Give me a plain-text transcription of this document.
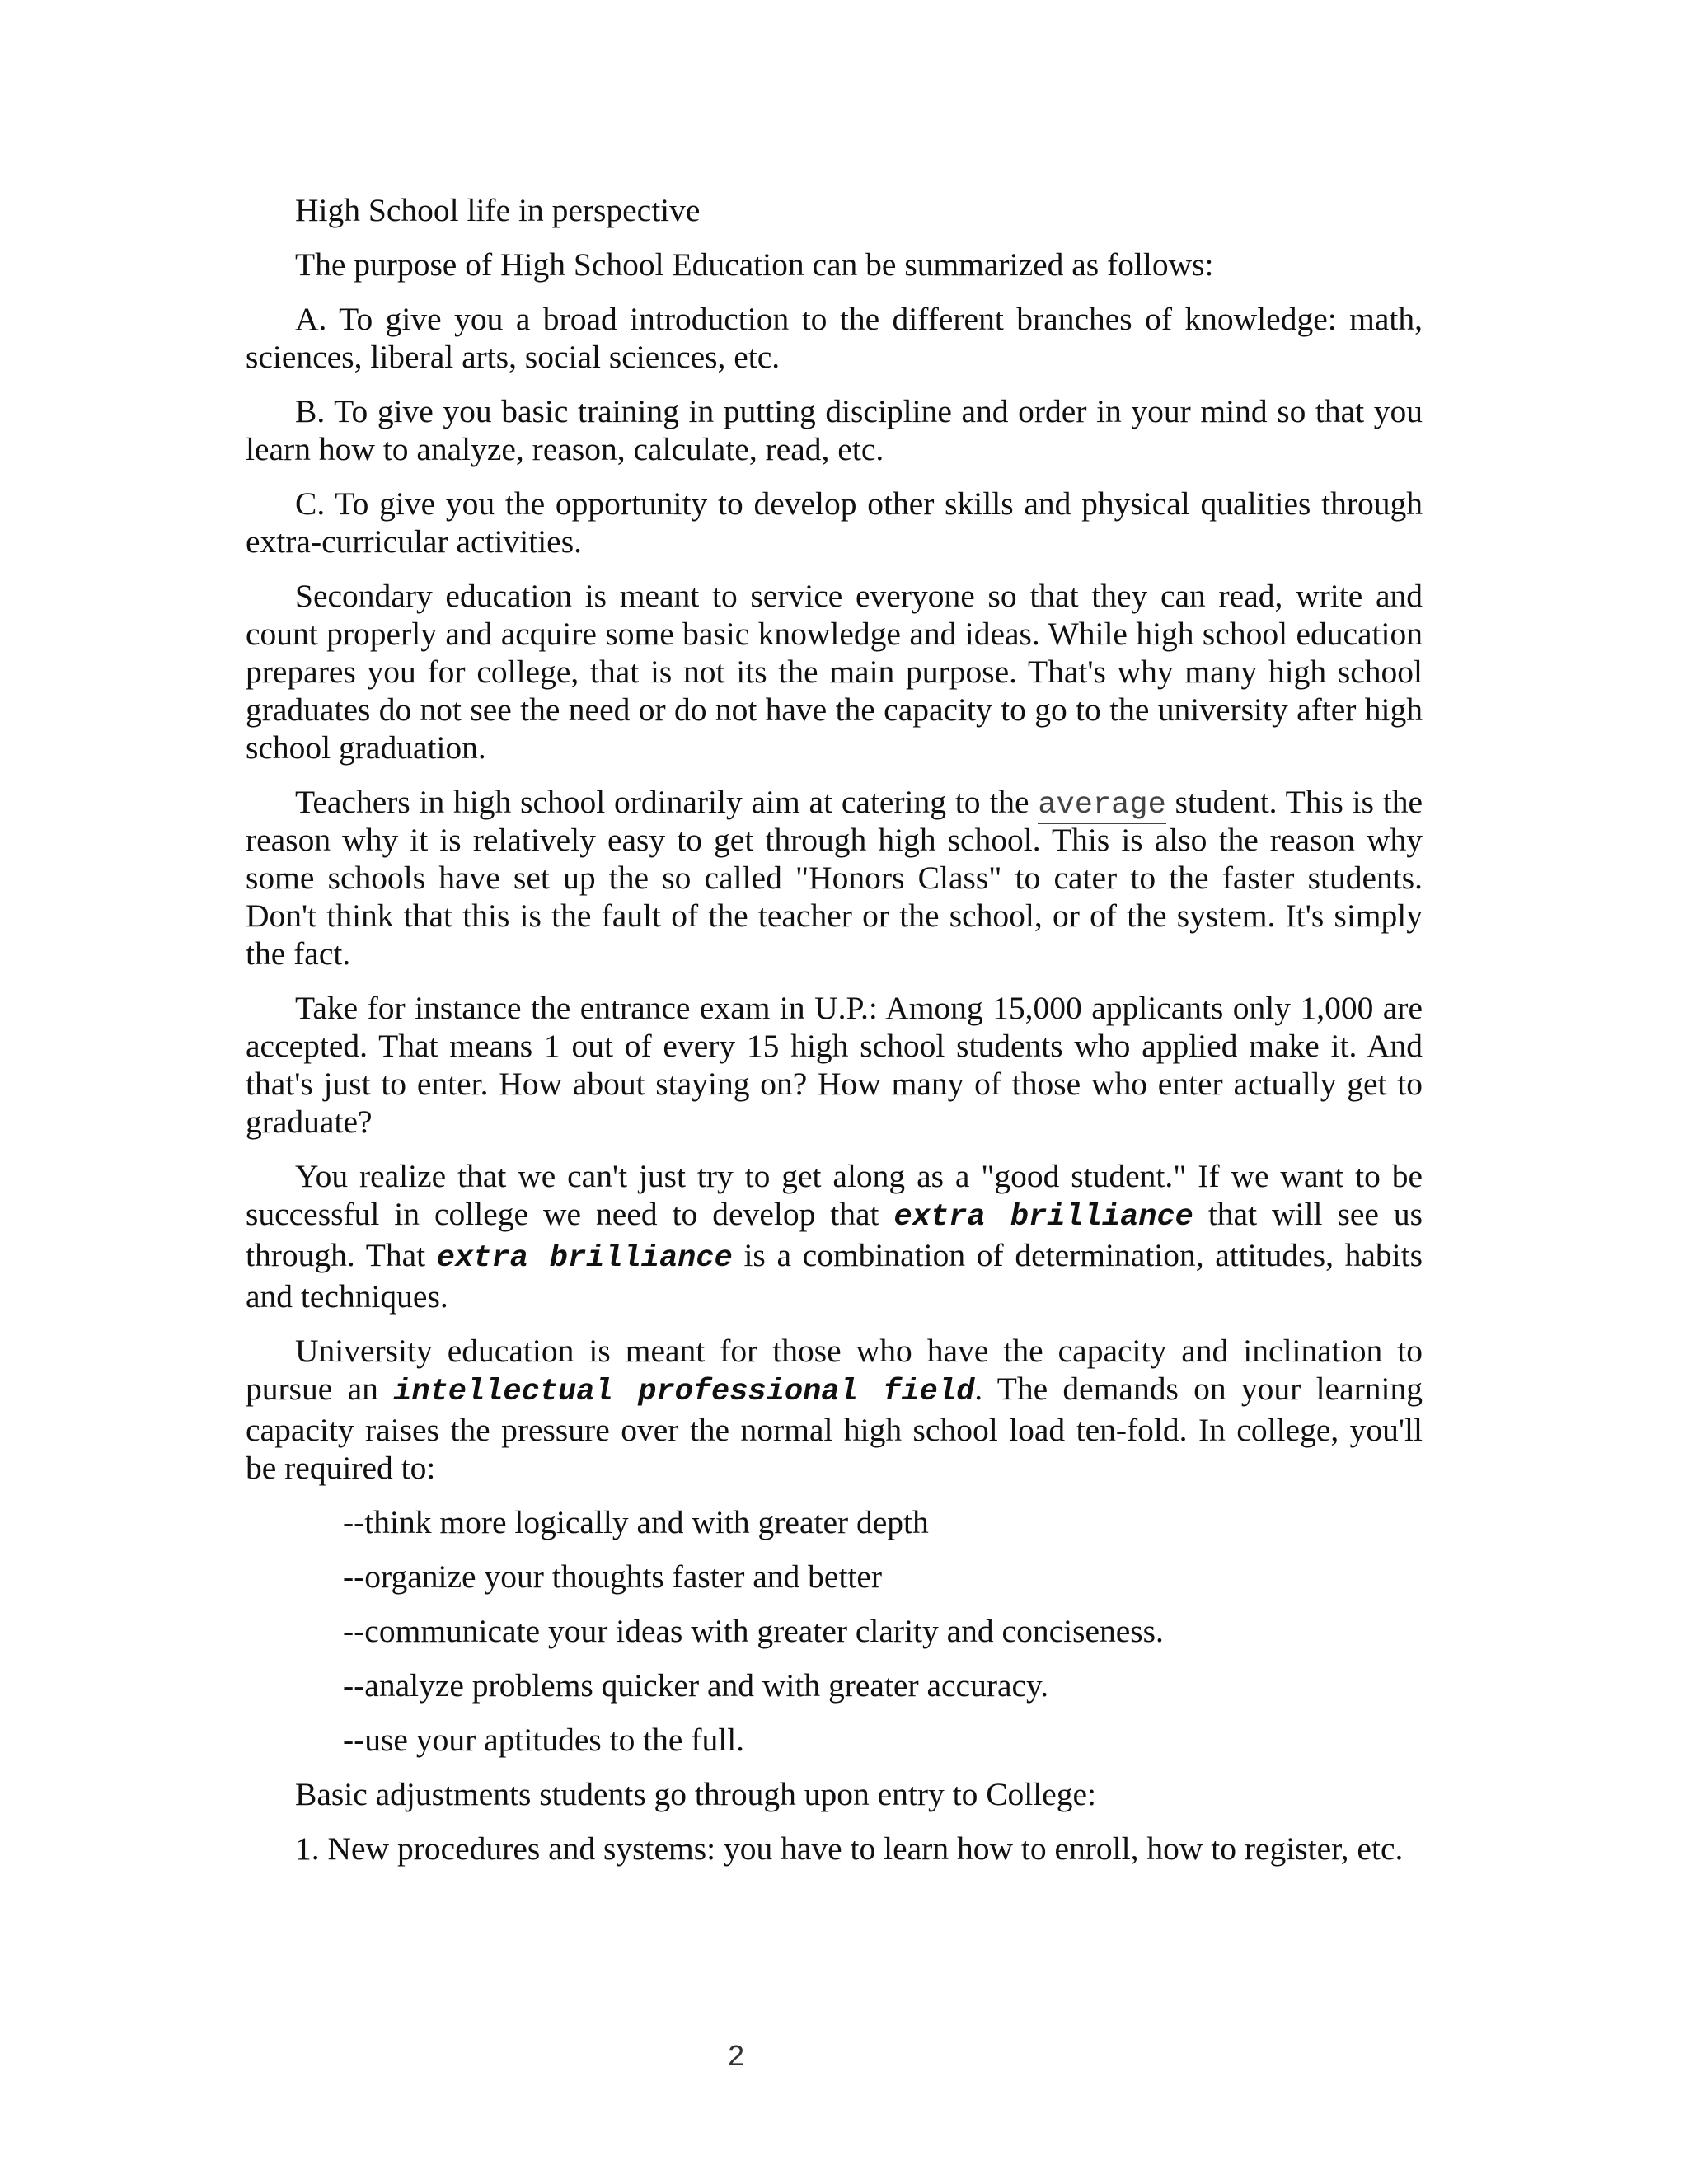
High School life in perspective

The purpose of High School Education can be summarized as follows:

A. To give you a broad introduction to the different branches of knowledge: math, sciences, liberal arts, social sciences, etc.

B. To give you basic training in putting discipline and order in your mind so that you learn how to analyze, reason, calculate, read, etc.

C. To give you the opportunity to develop other skills and physical qualities through extra-curricular activities.

Secondary education is meant to service everyone so that they can read, write and count properly and acquire some basic knowledge and ideas. While high school education prepares you for college, that is not its the main purpose. That's why many high school graduates do not see the need or do not have the capacity to go to the university after high school graduation.

Teachers in high school ordinarily aim at catering to the average student. This is the reason why it is relatively easy to get through high school. This is also the reason why some schools have set up the so called "Honors Class" to cater to the faster students. Don't think that this is the fault of the teacher or the school, or of the system. It's simply the fact.

Take for instance the entrance exam in U.P.: Among 15,000 applicants only 1,000 are accepted. That means 1 out of every 15 high school students who applied make it. And that's just to enter. How about staying on? How many of those who enter actually get to graduate?

You realize that we can't just try to get along as a "good student." If we want to be successful in college we need to develop that extra brilliance that will see us through. That extra brilliance is a combination of determination, attitudes, habits and techniques.

University education is meant for those who have the capacity and inclination to pursue an intellectual professional field. The demands on your learning capacity raises the pressure over the normal high school load ten-fold. In college, you'll be required to:

--think more logically and with greater depth

--organize your thoughts faster and better

--communicate your ideas with greater clarity and conciseness.

--analyze problems quicker and with greater accuracy.

--use your aptitudes to the full.

Basic adjustments students go through upon entry to College:

1. New procedures and systems: you have to learn how to enroll, how to register, etc.

2
